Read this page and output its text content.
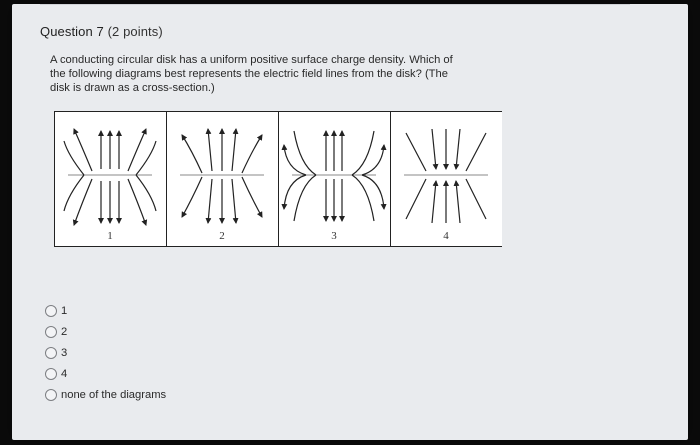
Question 7 (2 points)
A conducting circular disk has a uniform positive surface charge density. Which of
the following diagrams best represents the electric field lines from the disk? (The
disk is drawn as a cross-section.)
1	2	3	4
1
2
3
4
none of the diagrams
